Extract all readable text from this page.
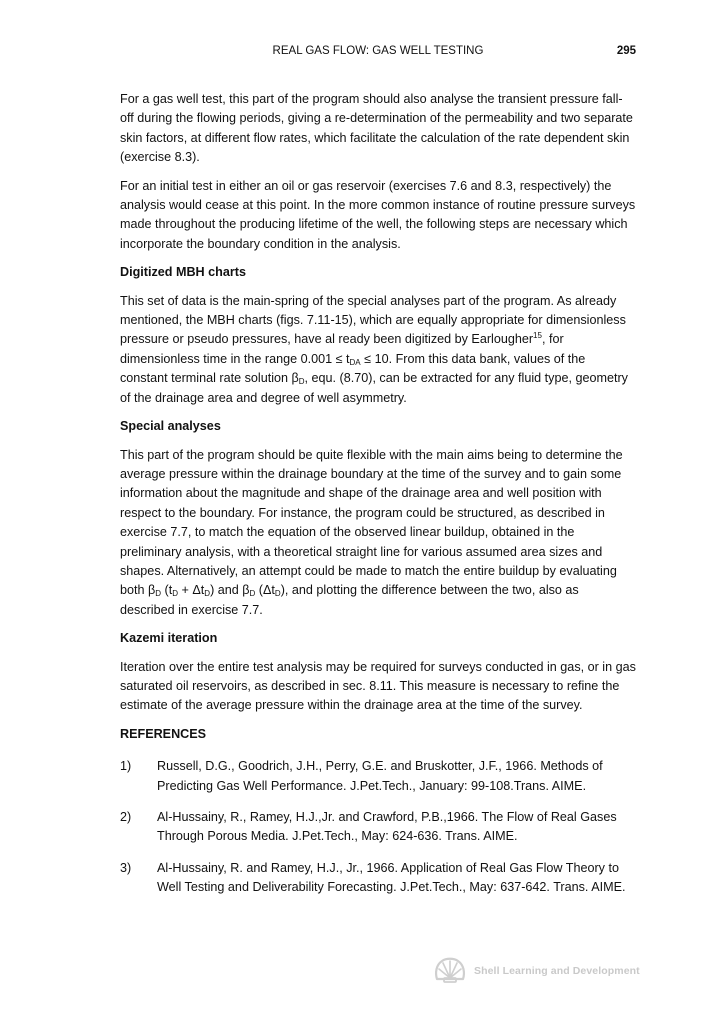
REAL GAS FLOW: GAS WELL TESTING	295

For a gas well test, this part of the program should also analyse the transient pressure fall-off during the flowing periods, giving a re-determination of the permeability and two separate skin factors, at different flow rates, which facilitate the calculation of the rate dependent skin (exercise 8.3).

For an initial test in either an oil or gas reservoir (exercises 7.6 and 8.3, respectively) the analysis would cease at this point. In the more common instance of routine pressure surveys made throughout the producing lifetime of the well, the following steps are necessary which incorporate the boundary condition in the analysis.

Digitized MBH charts

This set of data is the main-spring of the special analyses part of the program. As already mentioned, the MBH charts (figs. 7.11-15), which are equally appropriate for dimensionless pressure or pseudo pressures, have al ready been digitized by Earlougher$^{15}$, for dimensionless time in the range $0.001 \le t_{DA} \le 10$. From this data bank, values of the constant terminal rate solution $\beta_D$, equ. (8.70), can be extracted for any fluid type, geometry of the drainage area and degree of well asymmetry.

Special analyses

This part of the program should be quite flexible with the main aims being to determine the average pressure within the drainage boundary at the time of the survey and to gain some information about the magnitude and shape of the drainage area and well position with respect to the boundary. For instance, the program could be structured, as described in exercise 7.7, to match the equation of the observed linear buildup, obtained in the preliminary analysis, with a theoretical straight line for various assumed area sizes and shapes. Alternatively, an attempt could be made to match the entire buildup by evaluating both $\beta_D$ $(t_D + \Delta t_D)$ and $\beta_D$ $(\Delta t_D)$, and plotting the difference between the two, also as described in exercise 7.7.

Kazemi iteration

Iteration over the entire test analysis may be required for surveys conducted in gas, or in gas saturated oil reservoirs, as described in sec. 8.11. This measure is necessary to refine the estimate of the average pressure within the drainage area at the time of the survey.

REFERENCES
1) Russell, D.G., Goodrich, J.H., Perry, G.E. and Bruskotter, J.F., 1966. Methods of Predicting Gas Well Performance. J.Pet.Tech., January: 99-108.Trans. AIME.
2) Al-Hussainy, R., Ramey, H.J.,Jr. and Crawford, P.B.,1966. The Flow of Real Gases Through Porous Media. J.Pet.Tech., May: 624-636. Trans. AIME.
3) Al-Hussainy, R. and Ramey, H.J., Jr., 1966. Application of Real Gas Flow Theory to Well Testing and Deliverability Forecasting. J.Pet.Tech., May: 637-642. Trans. AIME.
Shell Learning and Development
